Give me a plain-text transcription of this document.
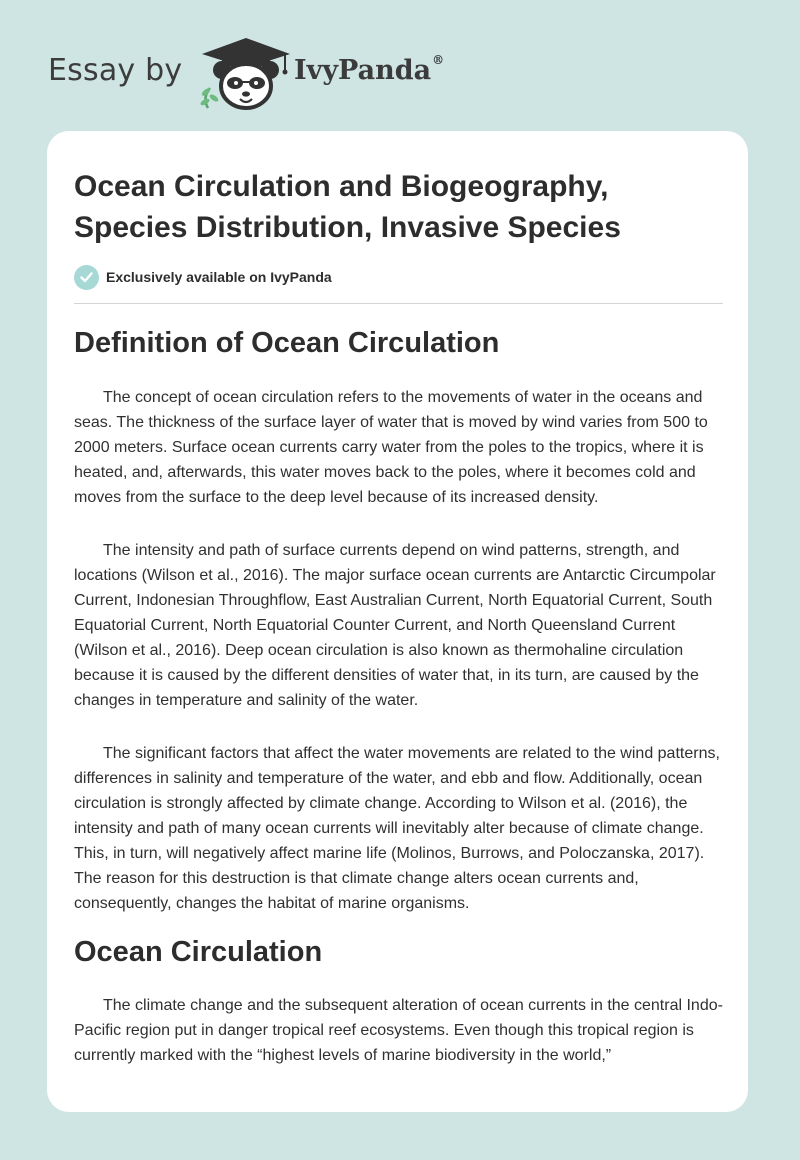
Essay by	IvyPanda®
Ocean Circulation and Biogeography, Species Distribution, Invasive Species
Exclusively available on IvyPanda
Definition of Ocean Circulation

The concept of ocean circulation refers to the movements of water in the oceans and seas. The thickness of the surface layer of water that is moved by wind varies from 500 to 2000 meters. Surface ocean currents carry water from the poles to the tropics, where it is heated, and, afterwards, this water moves back to the poles, where it becomes cold and moves from the surface to the deep level because of its increased density.

The intensity and path of surface currents depend on wind patterns, strength, and locations (Wilson et al., 2016). The major surface ocean currents are Antarctic Circumpolar Current, Indonesian Throughflow, East Australian Current, North Equatorial Current, South Equatorial Current, North Equatorial Counter Current, and North Queensland Current (Wilson et al., 2016). Deep ocean circulation is also known as thermohaline circulation because it is caused by the different densities of water that, in its turn, are caused by the changes in temperature and salinity of the water.

The significant factors that affect the water movements are related to the wind patterns, differences in salinity and temperature of the water, and ebb and flow. Additionally, ocean circulation is strongly affected by climate change. According to Wilson et al. (2016), the intensity and path of many ocean currents will inevitably alter because of climate change. This, in turn, will negatively affect marine life (Molinos, Burrows, and Poloczanska, 2017). The reason for this destruction is that climate change alters ocean currents and, consequently, changes the habitat of marine organisms.

Ocean Circulation

The climate change and the subsequent alteration of ocean currents in the central Indo-Pacific region put in danger tropical reef ecosystems. Even though this tropical region is currently marked with the “highest levels of marine biodiversity in the world,”
